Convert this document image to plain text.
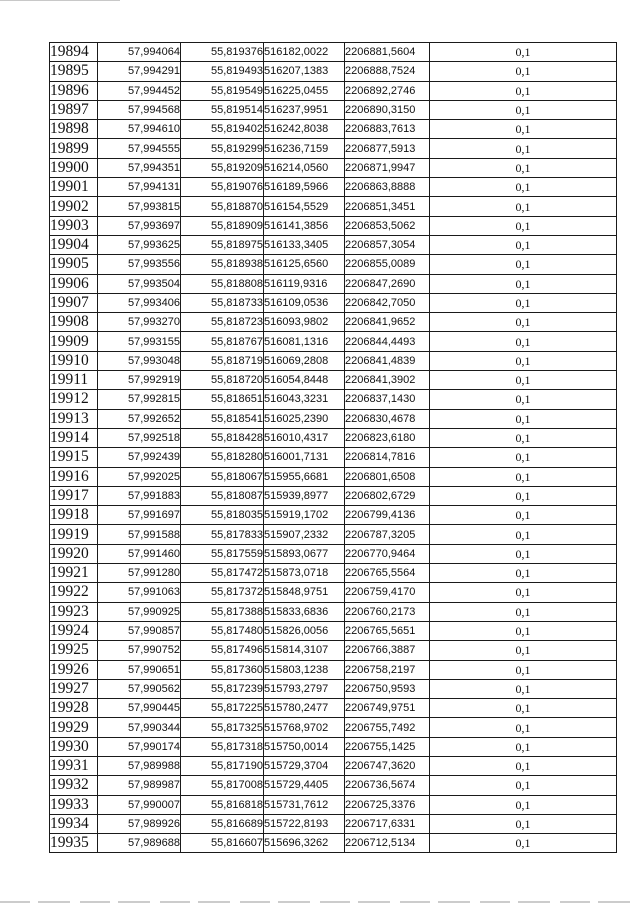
19894	57,994064	55,819376	516182,0022	2206881,5604	0,1
19895	57,994291	55,819493	516207,1383	2206888,7524	0,1
19896	57,994452	55,819549	516225,0455	2206892,2746	0,1
19897	57,994568	55,819514	516237,9951	2206890,3150	0,1
19898	57,994610	55,819402	516242,8038	2206883,7613	0,1
19899	57,994555	55,819299	516236,7159	2206877,5913	0,1
19900	57,994351	55,819209	516214,0560	2206871,9947	0,1
19901	57,994131	55,819076	516189,5966	2206863,8888	0,1
19902	57,993815	55,818870	516154,5529	2206851,3451	0,1
19903	57,993697	55,818909	516141,3856	2206853,5062	0,1
19904	57,993625	55,818975	516133,3405	2206857,3054	0,1
19905	57,993556	55,818938	516125,6560	2206855,0089	0,1
19906	57,993504	55,818808	516119,9316	2206847,2690	0,1
19907	57,993406	55,818733	516109,0536	2206842,7050	0,1
19908	57,993270	55,818723	516093,9802	2206841,9652	0,1
19909	57,993155	55,818767	516081,1316	2206844,4493	0,1
19910	57,993048	55,818719	516069,2808	2206841,4839	0,1
19911	57,992919	55,818720	516054,8448	2206841,3902	0,1
19912	57,992815	55,818651	516043,3231	2206837,1430	0,1
19913	57,992652	55,818541	516025,2390	2206830,4678	0,1
19914	57,992518	55,818428	516010,4317	2206823,6180	0,1
19915	57,992439	55,818280	516001,7131	2206814,7816	0,1
19916	57,992025	55,818067	515955,6681	2206801,6508	0,1
19917	57,991883	55,818087	515939,8977	2206802,6729	0,1
19918	57,991697	55,818035	515919,1702	2206799,4136	0,1
19919	57,991588	55,817833	515907,2332	2206787,3205	0,1
19920	57,991460	55,817559	515893,0677	2206770,9464	0,1
19921	57,991280	55,817472	515873,0718	2206765,5564	0,1
19922	57,991063	55,817372	515848,9751	2206759,4170	0,1
19923	57,990925	55,817388	515833,6836	2206760,2173	0,1
19924	57,990857	55,817480	515826,0056	2206765,5651	0,1
19925	57,990752	55,817496	515814,3107	2206766,3887	0,1
19926	57,990651	55,817360	515803,1238	2206758,2197	0,1
19927	57,990562	55,817239	515793,2797	2206750,9593	0,1
19928	57,990445	55,817225	515780,2477	2206749,9751	0,1
19929	57,990344	55,817325	515768,9702	2206755,7492	0,1
19930	57,990174	55,817318	515750,0014	2206755,1425	0,1
19931	57,989988	55,817190	515729,3704	2206747,3620	0,1
19932	57,989987	55,817008	515729,4405	2206736,5674	0,1
19933	57,990007	55,816818	515731,7612	2206725,3376	0,1
19934	57,989926	55,816689	515722,8193	2206717,6331	0,1
19935	57,989688	55,816607	515696,3262	2206712,5134	0,1
